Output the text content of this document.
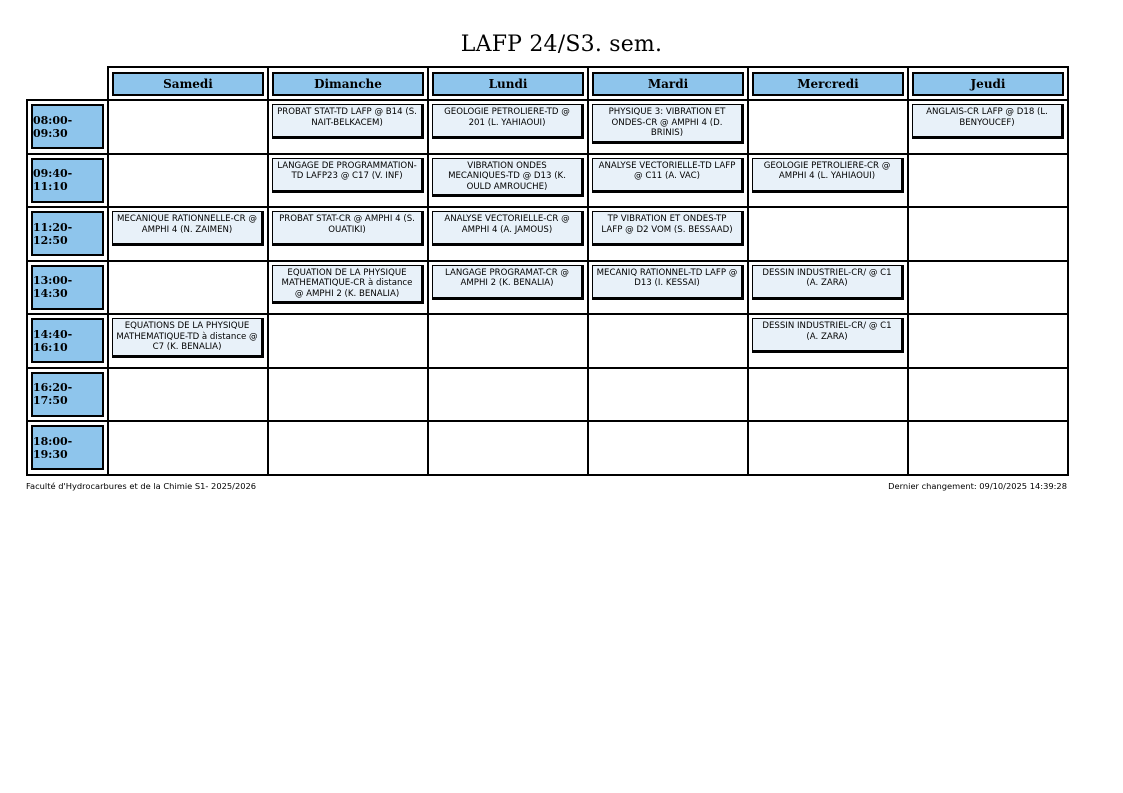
LAFP 24/S3. sem.

Samedi	Dimanche	Lundi	Mardi	Mercredi	Jeudi

08:00-09:30		PROBAT STAT-TD LAFP @ B14 (S. NAIT-BELKACEM)	GEOLOGIE PETROLIERE-TD @ 201 (L. YAHIAOUI)	PHYSIQUE 3: VIBRATION ET ONDES-CR @ AMPHI 4 (D. BRINIS)		ANGLAIS-CR LAFP @ D18 (L. BENYOUCEF)

09:40-11:10		LANGAGE DE PROGRAMMATION-TD LAFP23 @ C17 (V. INF)	VIBRATION ONDES MECANIQUES-TD @ D13 (K. OULD AMROUCHE)	ANALYSE VECTORIELLE-TD LAFP @ C11 (A. VAC)	GEOLOGIE PETROLIERE-CR @ AMPHI 4 (L. YAHIAOUI)	

11:20-12:50	MECANIQUE RATIONNELLE-CR @ AMPHI 4 (N. ZAIMEN)	PROBAT STAT-CR @ AMPHI 4 (S. OUATIKI)	ANALYSE VECTORIELLE-CR @ AMPHI 4 (A. JAMOUS)	TP VIBRATION ET ONDES-TP LAFP @ D2 VOM (S. BESSAAD)		

13:00-14:30		EQUATION DE LA PHYSIQUE MATHEMATIQUE-CR à distance @ AMPHI 2 (K. BENALIA)	LANGAGE PROGRAMAT-CR @ AMPHI 2 (K. BENALIA)	MECANIQ RATIONNEL-TD LAFP @ D13 (I. KESSAI)	DESSIN INDUSTRIEL-CR/ @ C1 (A. ZARA)	

14:40-16:10	EQUATIONS DE LA PHYSIQUE MATHEMATIQUE-TD à distance @ C7 (K. BENALIA)				DESSIN INDUSTRIEL-CR/ @ C1 (A. ZARA)	

16:20-17:50						

18:00-19:30						

Faculté d'Hydrocarbures et de la Chimie S1- 2025/2026	Dernier changement: 09/10/2025 14:39:28
